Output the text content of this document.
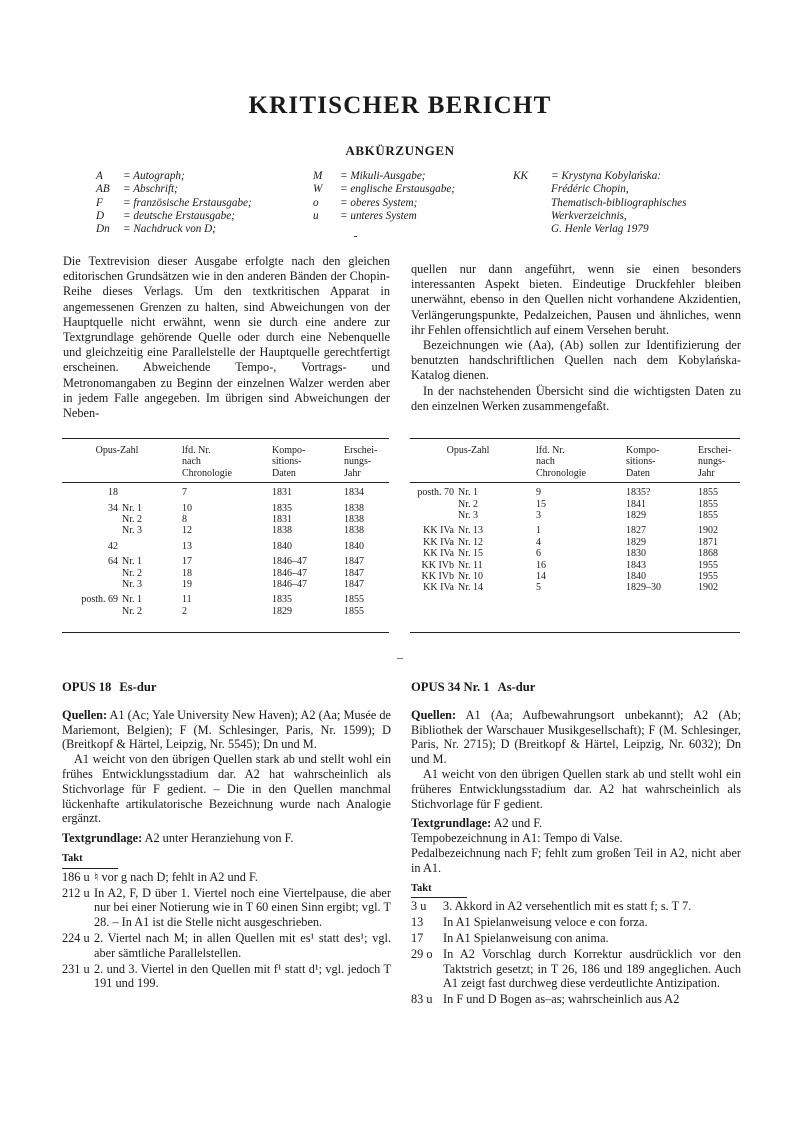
KRITISCHER BERICHT
ABKÜRZUNGEN
A	= Autograph;
AB	= Abschrift;
F	= französische Erstausgabe;
D	= deutsche Erstausgabe;
Dn	= Nachdruck von D;
M	= Mikuli-Ausgabe;
W	= englische Erstausgabe;
o	= oberes System;
u	= unteres System
KK	= Krystyna Kobylańska:
Frédéric Chopin,
Thematisch-bibliographisches
Werkverzeichnis,
G. Henle Verlag 1979

Die Textrevision dieser Ausgabe erfolgte nach den gleichen editorischen Grundsätzen wie in den anderen Bänden der Chopin-Reihe dieses Verlags. Um den textkritischen Apparat in angemessenen Grenzen zu halten, sind Abweichungen von der Hauptquelle nicht erwähnt, wenn sie durch eine andere zur Textgrundlage gehörende Quelle oder durch eine Nebenquelle und gleichzeitig eine Parallelstelle der Hauptquelle gerechtfertigt erscheinen. Abweichende Tempo-, Vortrags- und Metronomangaben zu Beginn der einzelnen Walzer werden aber in jedem Falle angegeben. Im übrigen sind Abweichungen der Neben-

quellen nur dann angeführt, wenn sie einen besonders interessanten Aspekt bieten. Eindeutige Druckfehler bleiben unerwähnt, ebenso in den Quellen nicht vorhandene Akzidentien, Verlängerungspunkte, Pedalzeichen, Pausen und ähnliches, wenn ihr Fehlen offensichtlich auf einem Versehen beruht.

Bezeichnungen wie (Aa), (Ab) sollen zur Identifizierung der benutzten handschriftlichen Quellen nach dem Kobylańska-Katalog dienen.

In der nachstehenden Übersicht sind die wichtigsten Daten zu den einzelnen Werken zusammengefaßt.

Opus-Zahl		lfd. Nr.
nach
Chronologie	Kompo-
sitions-
Daten	Erschei-
nungs-
Jahr
18		7	1831	1834
34	Nr. 1	10	1835	1838
	Nr. 2	8	1831	1838
	Nr. 3	12	1838	1838
42		13	1840	1840
64	Nr. 1	17	1846–47	1847
	Nr. 2	18	1846–47	1847
	Nr. 3	19	1846–47	1847
posth. 69	Nr. 1	11	1835	1855
	Nr. 2	2	1829	1855
Opus-Zahl		lfd. Nr.
nach
Chronologie	Kompo-
sitions-
Daten	Erschei-
nungs-
Jahr
posth. 70	Nr. 1	9	1835?	1855
	Nr. 2	15	1841	1855
	Nr. 3	3	1829	1855
KK IVa	Nr. 13	1	1827	1902
KK IVa	Nr. 12	4	1829	1871
KK IVa	Nr. 15	6	1830	1868
KK IVb	Nr. 11	16	1843	1955
KK IVb	Nr. 10	14	1840	1955
KK IVa	Nr. 14	5	1829–30	1902
–

OPUS 18 Es-dur

Quellen: A1 (Ac; Yale University New Haven); A2 (Aa; Musée de Mariemont, Belgien); F (M. Schlesinger, Paris, Nr. 1599); D (Breitkopf & Härtel, Leipzig, Nr. 5545); Dn und M.

A1 weicht von den übrigen Quellen stark ab und stellt wohl ein frühes Entwicklungsstadium dar. A2 hat wahrscheinlich als Stichvorlage für F gedient. – Die in den Quellen manchmal lückenhafte artikulatorische Bezeichnung wurde nach Analogie ergänzt.

Textgrundlage: A2 unter Heranziehung von F.

Takt
186 u ♮ vor g nach D; fehlt in A2 und F.
212 u In A2, F, D über 1. Viertel noch eine Viertelpause, die aber nur bei einer Notierung wie in T 60 einen Sinn ergibt; vgl. T 28. – In A1 ist die Stelle nicht ausgeschrieben.
224 u 2. Viertel nach M; in allen Quellen mit es¹ statt des¹; vgl. aber sämtliche Parallelstellen.
231 u 2. und 3. Viertel in den Quellen mit f¹ statt d¹; vgl. jedoch T 191 und 199.

OPUS 34 Nr. 1 As-dur

Quellen: A1 (Aa; Aufbewahrungsort unbekannt); A2 (Ab; Bibliothek der Warschauer Musikgesellschaft); F (M. Schlesinger, Paris, Nr. 2715); D (Breitkopf & Härtel, Leipzig, Nr. 6032); Dn und M.

A1 weicht von den übrigen Quellen stark ab und stellt wohl ein früheres Entwicklungsstadium dar. A2 hat wahrscheinlich als Stichvorlage für F gedient.

Textgrundlage: A2 und F.

Tempobezeichnung in A1: Tempo di Valse.

Pedalbezeichnung nach F; fehlt zum großen Teil in A2, nicht aber in A1.

Takt
3 u	3. Akkord in A2 versehentlich mit es statt f; s. T 7.
13	In A1 Spielanweisung veloce e con forza.
17	In A1 Spielanweisung con anima.
29 o In A2 Vorschlag durch Korrektur ausdrücklich vor den Taktstrich gesetzt; in T 26, 186 und 189 angeglichen. Auch A1 zeigt fast durchweg diese verdeutlichte Antizipation.
83 u In F und D Bogen as–as; wahrscheinlich aus A2
